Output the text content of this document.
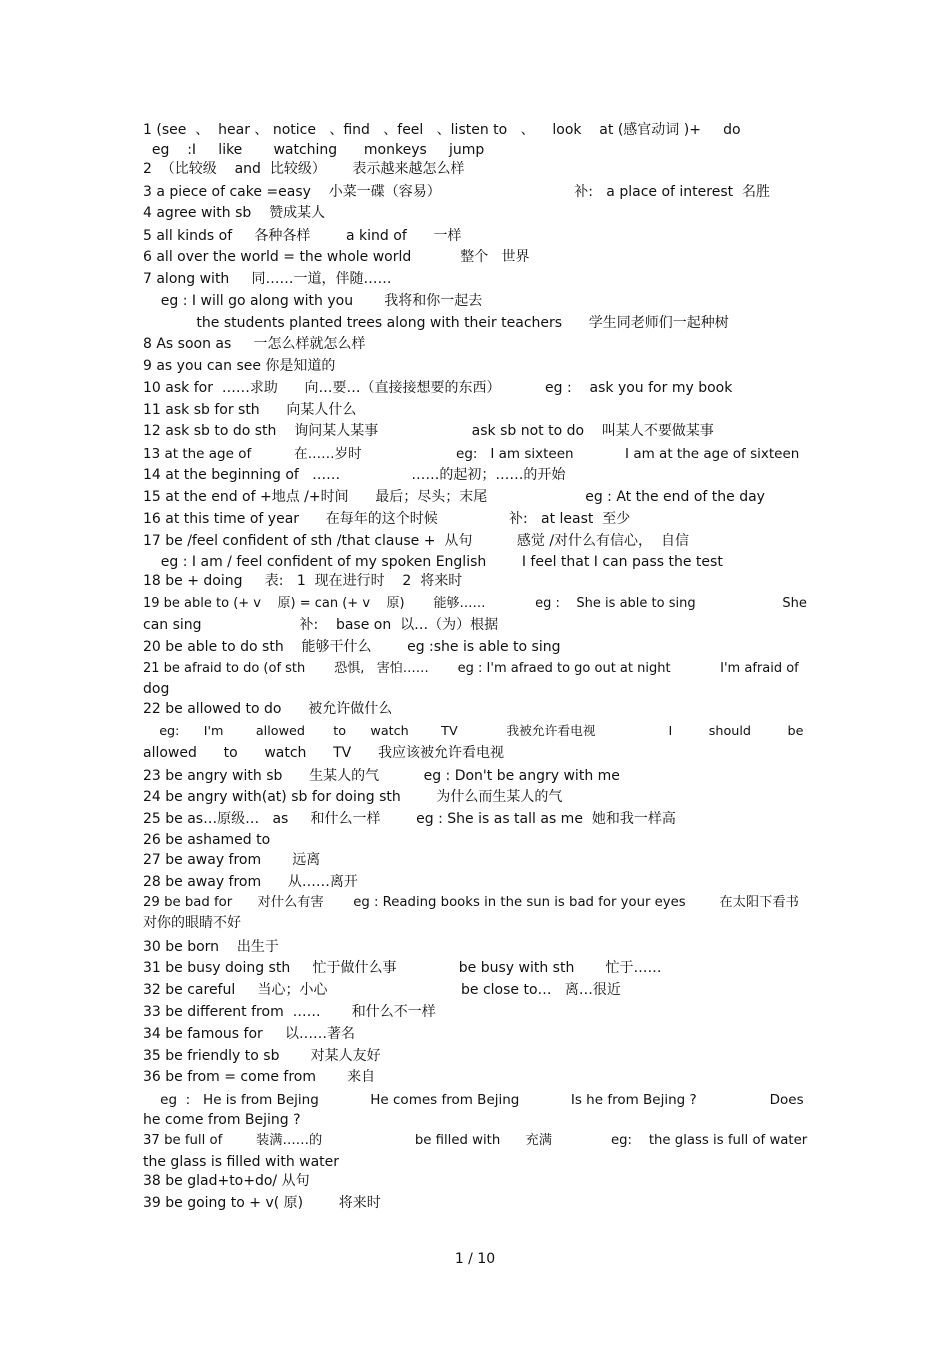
1 (see  、  hear 、 notice   、find   、feel   、listen to   、    look    at (感官动词 )+     do

eg    :I     like       watching      monkeys     jump

2  （比较级    and  比较级）      表示越来越怎么样

3 a piece of cake =easy    小菜一碟（容易）                              补:   a place of interest  名胜

4 agree with sb    赞成某人

5 all kinds of     各种各样        a kind of      一样

6 all over the world = the whole world           整个   世界

7 along with     同……一道，伴随……

eg : I will go along with you       我将和你一起去

the students planted trees along with their teachers      学生同老师们一起种树

8 As soon as     一怎么样就怎么样

9 as you can see 你是知道的

10 ask for  ……求助      向…要…（直接接想要的东西）          eg :    ask you for my book

11 ask sb for sth      向某人什么

12 ask sb to do sth    询问某人某事                     ask sb not to do    叫某人不要做某事

13 at the age of          在……岁时                      eg:   I am sixteen            I am at the age of sixteen

14 at the beginning of   ……                ……的起初；……的开始

15 at the end of +地点 /+时间      最后；尽头；末尾                      eg : At the end of the day

16 at this time of year      在每年的这个时候                补:   at least  至少

17 be /feel confident of sth /that clause +  从句          感觉 /对什么有信心，  自信

eg : I am / feel confident of my spoken English        I feel that I can pass the test

18 be + doing     表:   1  现在进行时    2  将来时

19 be able to (+ v    原) = can (+ v    原)       能够……            eg :    She is able to sing                     She

can sing                      补:    base on  以…（为）根据

20 be able to do sth    能够干什么        eg :she is able to sing

21 be afraid to do (of sth       恐惧,   害怕……       eg : I'm afraed to go out at night            I'm afraid of

dog

22 be allowed to do      被允许做什么

eg:      I'm        allowed       to      watch        TV            我被允许看电视                  I         should         be

allowed      to      watch      TV      我应该被允许看电视

23 be angry with sb      生某人的气          eg : Don't be angry with me

24 be angry with(at) sb for doing sth        为什么而生某人的气

25 be as…原级…   as     和什么一样        eg : She is as tall as me  她和我一样高

26 be ashamed to

27 be away from       远离

28 be away from      从……离开

29 be bad for      对什么有害       eg : Reading books in the sun is bad for your eyes        在太阳下看书

对你的眼睛不好

30 be born    出生于

31 be busy doing sth     忙于做什么事              be busy with sth       忙于……

32 be careful     当心；小心                              be close to…   离…很近

33 be different from  ……       和什么不一样

34 be famous for     以……著名

35 be friendly to sb       对某人友好

36 be from = come from       来自

eg  :   He is from Bejing            He comes from Bejing            Is he from Bejing ?                 Does

he come from Bejing ?

37 be full of        装满……的                      be filled with      充满              eg:    the glass is full of water

the glass is filled with water

38 be glad+to+do/ 从句

39 be going to + v( 原)        将来时

1 / 10
